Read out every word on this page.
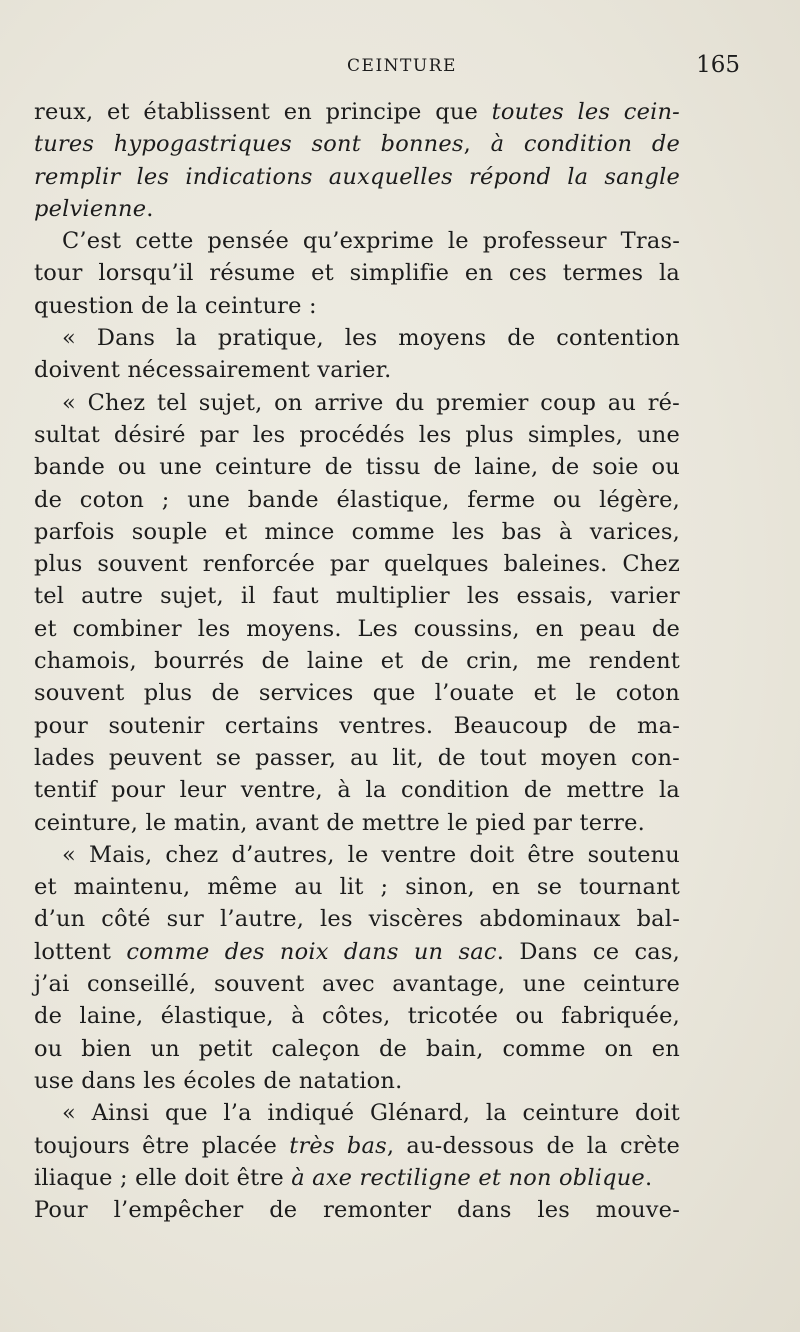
CEINTURE	165
reux, et établissent en principe que toutes les cein-
tures hypogastriques sont bonnes, à condition de
remplir les indications auxquelles répond la sangle
pelvienne.
C’est cette pensée qu’exprime le professeur Tras-
tour lorsqu’il résume et simplifie en ces termes la
question de la ceinture :
« Dans la pratique, les moyens de contention
doivent nécessairement varier.
« Chez tel sujet, on arrive du premier coup au ré-
sultat désiré par les procédés les plus simples, une
bande ou une ceinture de tissu de laine, de soie ou
de coton ; une bande élastique, ferme ou légère,
parfois souple et mince comme les bas à varices,
plus souvent renforcée par quelques baleines. Chez
tel autre sujet, il faut multiplier les essais, varier
et combiner les moyens. Les coussins, en peau de
chamois, bourrés de laine et de crin, me rendent
souvent plus de services que l’ouate et le coton
pour soutenir certains ventres. Beaucoup de ma-
lades peuvent se passer, au lit, de tout moyen con-
tentif pour leur ventre, à la condition de mettre la
ceinture, le matin, avant de mettre le pied par terre.
« Mais, chez d’autres, le ventre doit être soutenu
et maintenu, même au lit ; sinon, en se tournant
d’un côté sur l’autre, les viscères abdominaux bal-
lottent comme des noix dans un sac. Dans ce cas,
j’ai conseillé, souvent avec avantage, une ceinture
de laine, élastique, à côtes, tricotée ou fabriquée,
ou bien un petit caleçon de bain, comme on en
use dans les écoles de natation.
« Ainsi que l’a indiqué Glénard, la ceinture doit
toujours être placée très bas, au-dessous de la crète
iliaque ; elle doit être à axe rectiligne et non oblique.
Pour l’empêcher de remonter dans les mouve-
